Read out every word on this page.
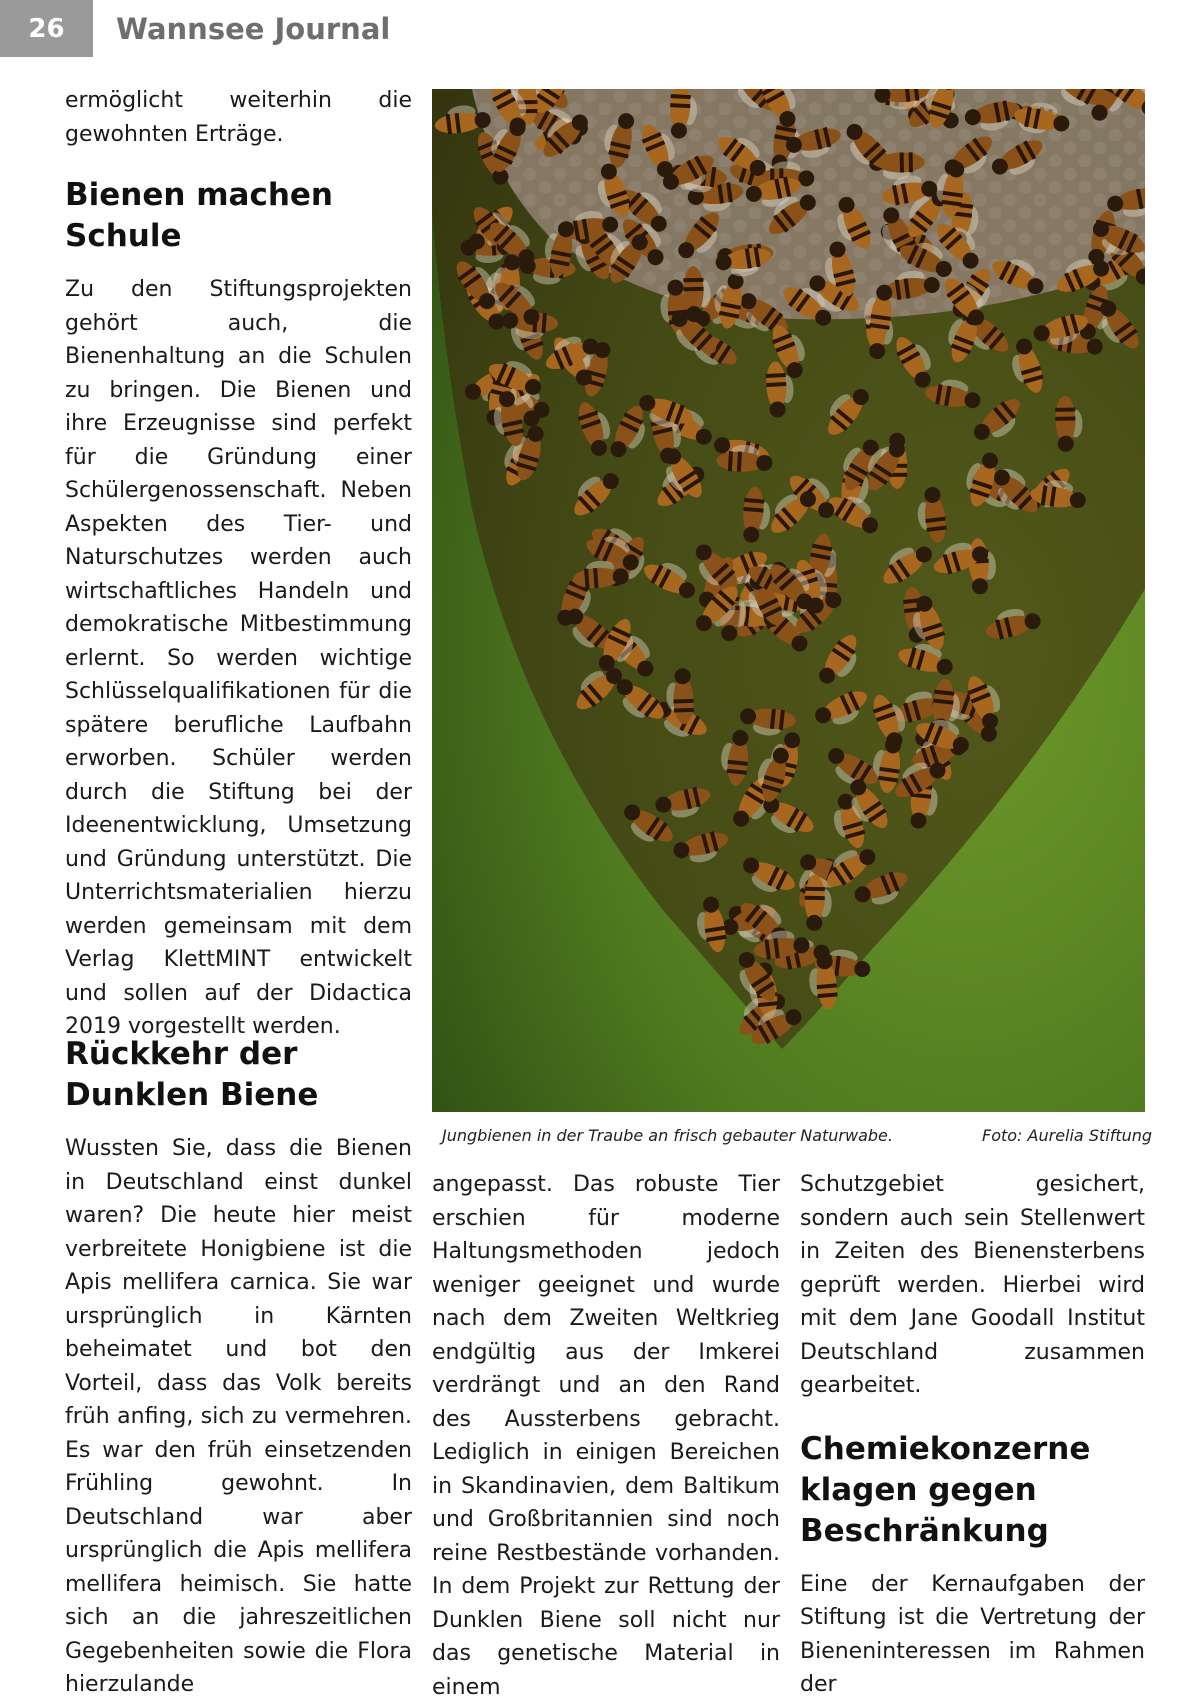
26	Wannsee Journal

ermöglicht weiterhin die gewohnten Erträge.

Bienen machen Schule

Zu den Stiftungsprojekten gehört auch, die Bienenhaltung an die Schulen zu bringen. Die Bienen und ihre Erzeugnisse sind perfekt für die Gründung einer Schülergenossenschaft. Neben Aspekten des Tier- und Naturschutzes werden auch wirtschaftliches Handeln und demokratische Mitbestimmung erlernt. So werden wichtige Schlüsselqualifikationen für die spätere berufliche Laufbahn erworben. Schüler werden durch die Stiftung bei der Ideenentwicklung, Umsetzung und Gründung unterstützt. Die Unterrichtsmaterialien hierzu werden gemeinsam mit dem Verlag KlettMINT entwickelt und sollen auf der Didactica 2019 vorgestellt werden.

Rückkehr der Dunklen Biene

Wussten Sie, dass die Bienen in Deutschland einst dunkel waren? Die heute hier meist verbreitete Honigbiene ist die Apis mellifera carnica. Sie war ursprünglich in Kärnten beheimatet und bot den Vorteil, dass das Volk bereits früh anfing, sich zu vermehren. Es war den früh einsetzenden Frühling gewohnt. In Deutschland war aber ursprünglich die Apis mellifera mellifera heimisch. Sie hatte sich an die jahreszeitlichen Gegebenheiten sowie die Flora hierzulande

Jungbienen in der Traube an frisch gebauter Naturwabe.	Foto: Aurelia Stiftung

angepasst. Das robuste Tier erschien für moderne Haltungsmethoden jedoch weniger geeignet und wurde nach dem Zweiten Weltkrieg endgültig aus der Imkerei verdrängt und an den Rand des Aussterbens gebracht. Lediglich in einigen Bereichen in Skandinavien, dem Baltikum und Großbritannien sind noch reine Restbestände vorhanden. In dem Projekt zur Rettung der Dunklen Biene soll nicht nur das genetische Material in einem

Schutzgebiet gesichert, sondern auch sein Stellenwert in Zeiten des Bienensterbens geprüft werden. Hierbei wird mit dem Jane Goodall Institut Deutschland zusammen gearbeitet.

Chemiekonzerne klagen gegen Beschränkung

Eine der Kernaufgaben der Stiftung ist die Vertretung der Bieneninteressen im Rahmen der
